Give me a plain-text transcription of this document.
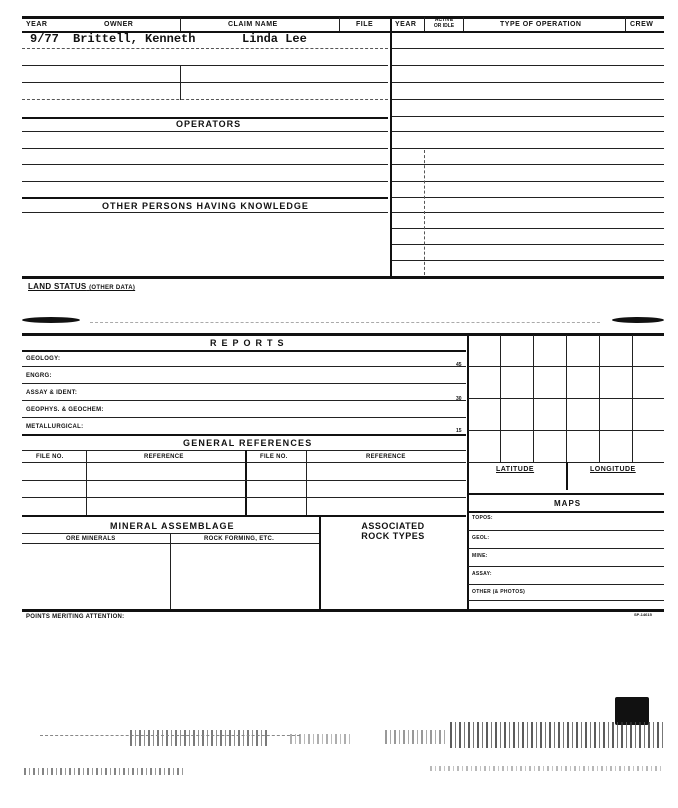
YEAR	OWNER	CLAIM NAME	FILE	YEAR
ACTIVE
OR IDLE	TYPE OF OPERATION	CREW
9/77 Brittell, Kenneth	Linda Lee
OPERATORS
OTHER PERSONS HAVING KNOWLEDGE
LAND STATUS (OTHER DATA)
REPORTS
GEOLOGY:
ENGRG:
ASSAY & IDENT:
GEOPHYS. & GEOCHEM:
METALLURGICAL:
45
30
15
GENERAL REFERENCES
FILE NO.	REFERENCE	FILE NO.	REFERENCE
MINERAL ASSEMBLAGE
ORE MINERALS	ROCK FORMING, ETC.
ASSOCIATED
ROCK TYPES
LATITUDE	LONGITUDE
MAPS
TOPOS:
GEOL:
MINE:
ASSAY:
OTHER (& PHOTOS)
POINTS MERITING ATTENTION:	SP-14615
